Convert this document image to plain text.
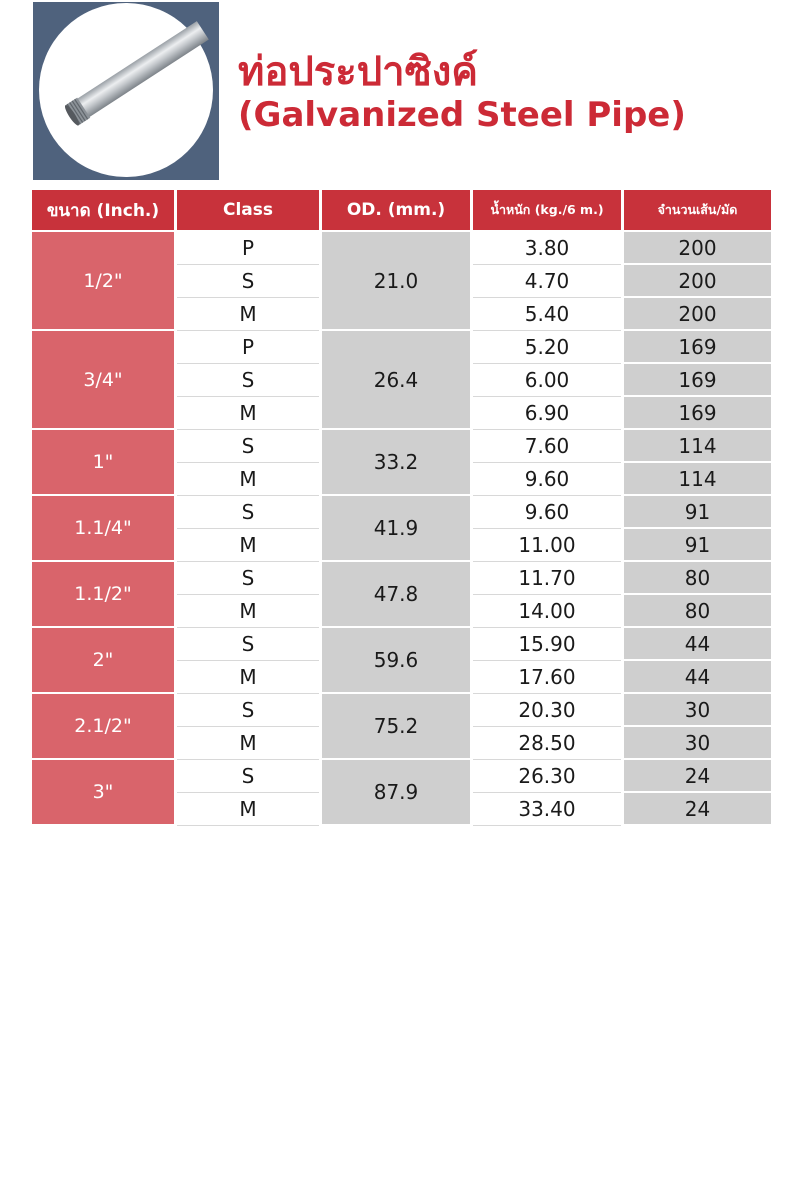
ท่อประปาซิงค์
(Galvanized Steel Pipe)
ขนาด (Inch.)	Class	OD. (mm.)	น้ำหนัก (kg./6 m.)	จำนวนเส้น/มัด
1/2"	P	21.0	3.80	200
	S		4.70	200
	M		5.40	200
3/4"	P	26.4	5.20	169
	S		6.00	169
	M		6.90	169
1"	S	33.2	7.60	114
	M		9.60	114
1.1/4"	S	41.9	9.60	91
	M		11.00	91
1.1/2"	S	47.8	11.70	80
	M		14.00	80
2"	S	59.6	15.90	44
	M		17.60	44
2.1/2"	S	75.2	20.30	30
	M		28.50	30
3"	S	87.9	26.30	24
	M		33.40	24
